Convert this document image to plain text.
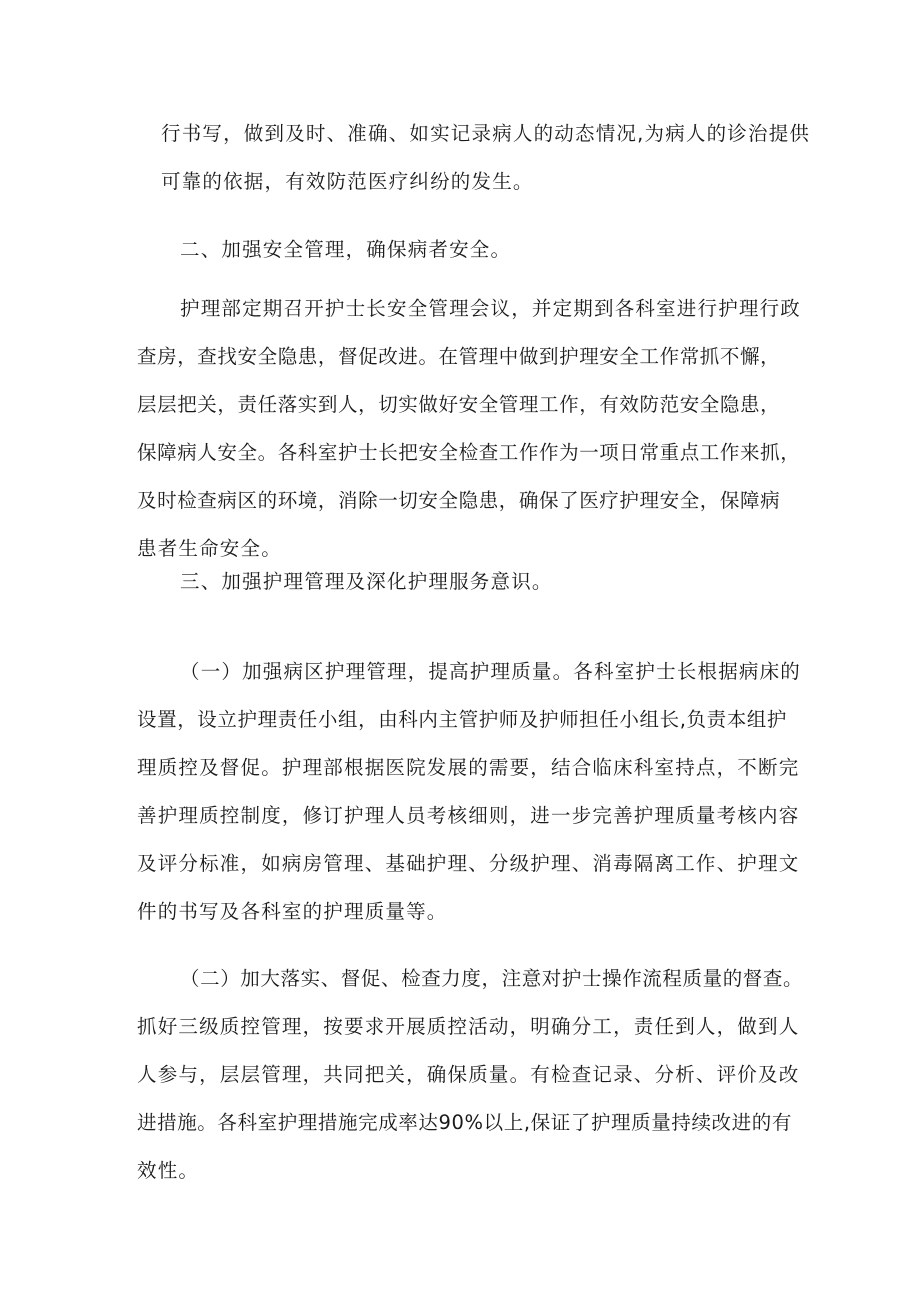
行书写，做到及时、准确、如实记录病人的动态情况,为病人的诊治提供
可靠的依据，有效防范医疗纠纷的发生。
二、加强安全管理，确保病者安全。
护理部定期召开护士长安全管理会议，并定期到各科室进行护理行政
查房，查找安全隐患，督促改进。在管理中做到护理安全工作常抓不懈，
层层把关，责任落实到人，切实做好安全管理工作，有效防范安全隐患，
保障病人安全。各科室护士长把安全检查工作作为一项日常重点工作来抓，
及时检查病区的环境，消除一切安全隐患，确保了医疗护理安全，保障病
患者生命安全。
三、加强护理管理及深化护理服务意识。
（一）加强病区护理管理，提高护理质量。各科室护士长根据病床的
设置，设立护理责任小组，由科内主管护师及护师担任小组长,负责本组护
理质控及督促。护理部根据医院发展的需要，结合临床科室持点，不断完
善护理质控制度，修订护理人员考核细则，进一步完善护理质量考核内容
及评分标准，如病房管理、基础护理、分级护理、消毒隔离工作、护理文
件的书写及各科室的护理质量等。
（二）加大落实、督促、检查力度，注意对护士操作流程质量的督查。
抓好三级质控管理，按要求开展质控活动，明确分工，责任到人，做到人
人参与，层层管理，共同把关，确保质量。有检查记录、分析、评价及改
进措施。各科室护理措施完成率达90%以上,保证了护理质量持续改进的有
效性。
